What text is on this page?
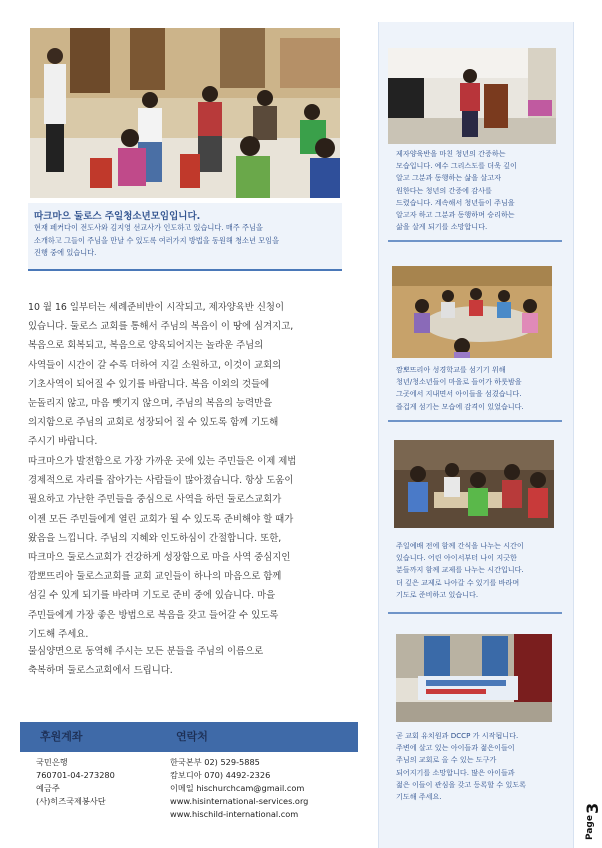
따크마으 둘로스 주일청소년모임입니다.
현재 페커다이 전도사와 김지영 선교사가 인도하고 있습니다. 매주 주님을
소개하고 그들이 주님을 만날 수 있도록 여러가지 방법을 동원해 청소년 모임을
진행 중에 있습니다.

10 월 16 일부터는 세례준비반이 시작되고, 제자양육반 신청이

있습니다. 둘로스 교회를 통해서 주님의 복음이 이 땅에 심겨지고,

복음으로 회복되고, 복음으로 양육되어지는 놀라운 주님의

사역들이 시간이 갈 수록 더하여 지길 소원하고, 이것이 교회의

기초사역이 되어질 수 있기를 바랍니다. 복음 이외의 것들에

눈돌리지 않고, 마음 뺏기지 않으며, 주님의 복음의 능력만을

의지함으로 주님의 교회로 성장되어 질 수 있도록 함께 기도해

주시기 바랍니다.

따크마으가 발전함으로 가장 가까운 곳에 있는 주민들은 이제 제법

경제적으로 자리를 잡아가는 사람들이 많아졌습니다. 항상 도움이

필요하고 가난한 주민들을 중심으로 사역을 하던 둘로스교회가

이젠 모든 주민들에게 열린 교회가 될 수 있도록 준비해야 할 때가

왔음을 느낍니다. 주님의 지혜와 인도하심이 간절합니다. 또한,

따크마으 둘로스교회가 건강하게 성장함으로 마을 사역 중심지인

깜뽀뜨리아 둘로스교회를 교회 교인들이 하나의 마음으로 함께

섬길 수 있게 되기를 바라며 기도로 준비 중에 있습니다. 마을

주민들에게 가장 좋은 방법으로 복음을 갖고 들어갈 수 있도록

기도해 주세요.

물심양면으로 동역해 주시는 모든 분들을 주님의 이름으로

축복하며 둘로스교회에서 드립니다.

제자양육반을 마친 청년의 간증하는
모습입니다. 예수 그리스도를 더욱 깊이
알고 그분과 동행하는 삶을 살고자
원한다는 청년의 간증에 감사를
드렸습니다. 계속해서 청년들이 주님을
알고자 하고 그분과 동행하며 승리하는
삶을 살게 되기를 소망합니다.
깜뽀뜨리아 성경학교를 섬기기 위해
청년/청소년들이 마을로 들어가 하룻밤을
그곳에서 지내면서 아이들을 섬겼습니다.
즐겁게 섬기는 모습에 감격이 있었습니다.
주일예배 전에 함께 간식을 나누는 시간이
있습니다. 어린 아이서부터 나이 지긋한
분들까지 함께 교제를 나누는 시간입니다.
더 깊은 교제로 나아갈 수 있기를 바라며
기도로 준비하고 있습니다.
곧 교회 유치원과 DCCP 가 시작됩니다.
주변에 살고 있는 아이들과 젊은이들이
주님의 교회로 올 수 있는 도구가
되어지기를 소망합니다. 많은 아이들과
젊은 이들이 관심을 갖고 등록할 수 있도록
기도해 주세요.
후원계좌	연락처
국민은행
760701-04-273280
예금주
(사)히즈국제봉사단
한국본부 02) 529-5885
캄보디아 070) 4492-2326
이메일 hischurchcam@gmail.com
www.hisinternational-services.org
www.hischild-international.com
Page
3
